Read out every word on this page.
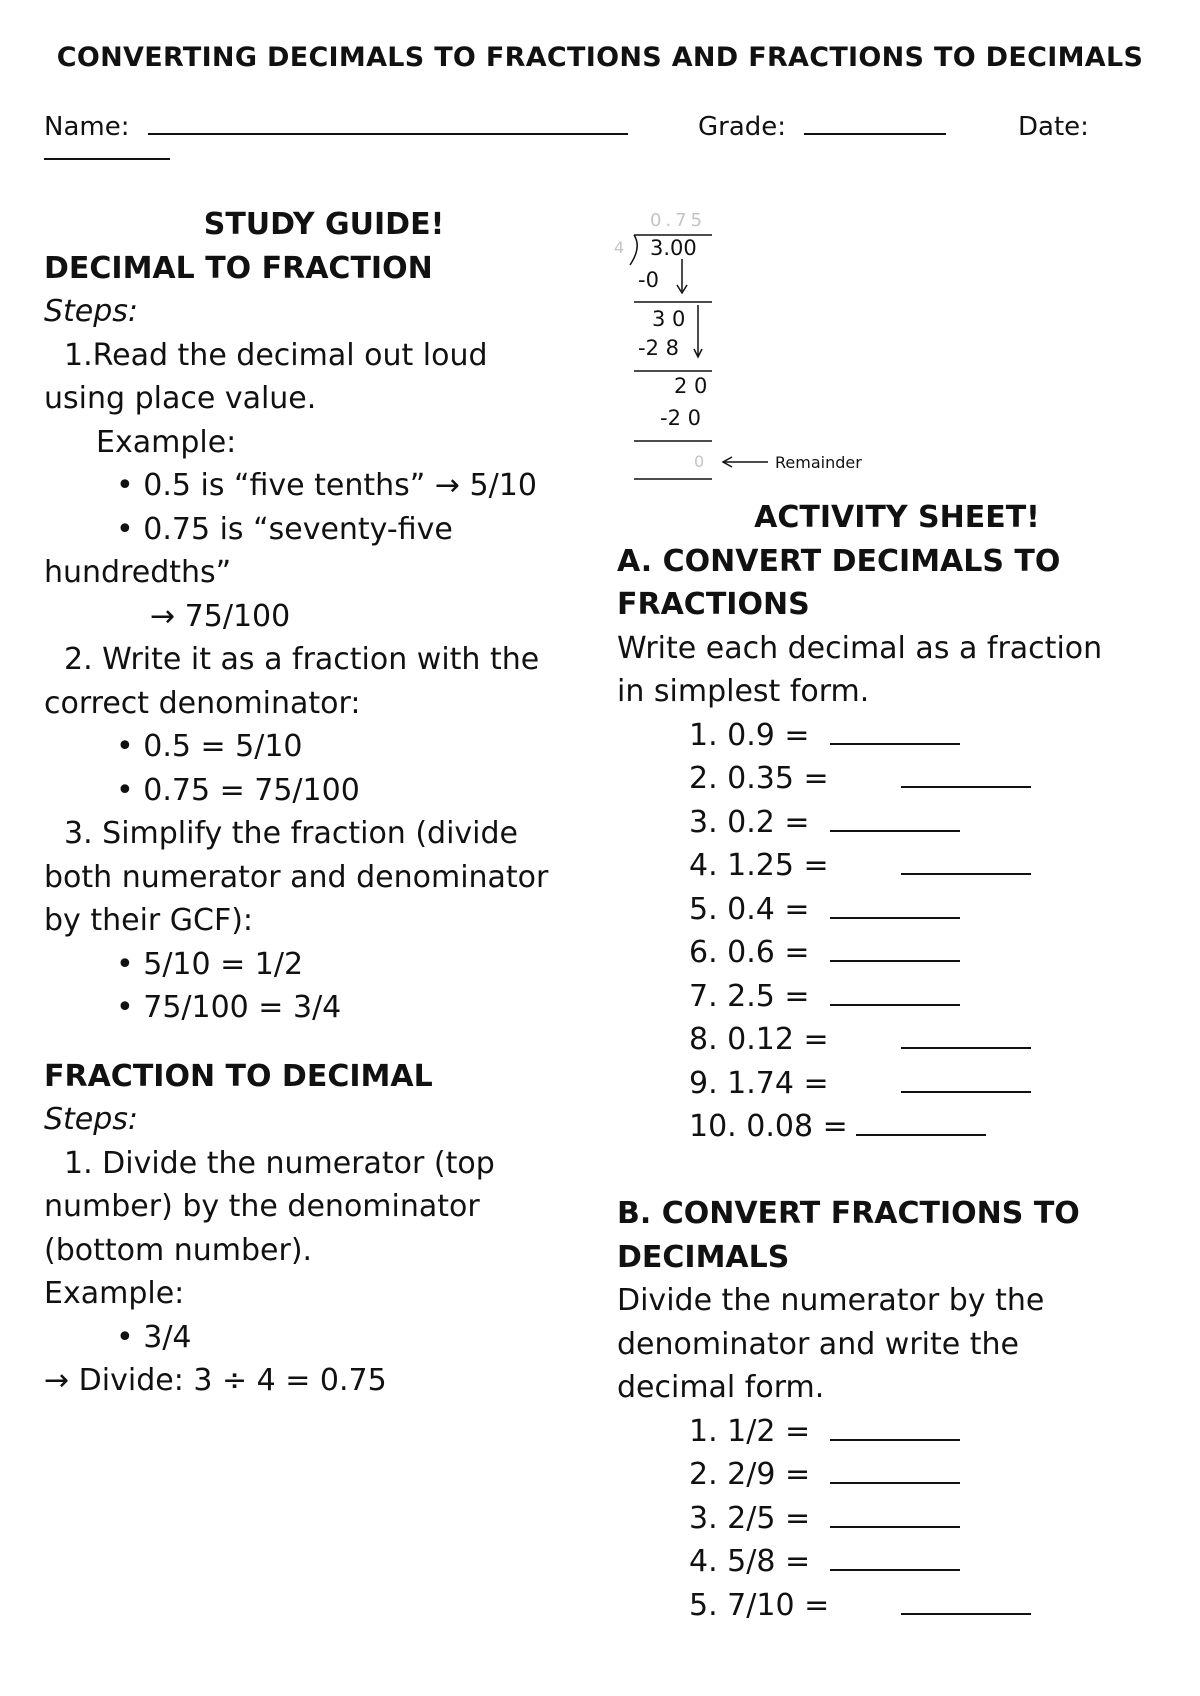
CONVERTING DECIMALS TO FRACTIONS AND FRACTIONS TO DECIMALS
Name:	Grade:	Date:
STUDY GUIDE!
DECIMAL TO FRACTION
Steps:
1.Read the decimal out loud
using place value.
Example:
• 0.5 is “five tenths” → 5/10
• 0.75 is “seventy-five
hundredths”
→ 75/100
2. Write it as a fraction with the
correct denominator:
• 0.5 = 5/10
• 0.75 = 75/100
3. Simplify the fraction (divide
both numerator and denominator
by their GCF):
• 5/10 = 1/2
• 75/100 = 3/4
FRACTION TO DECIMAL
Steps:
1. Divide the numerator (top
number) by the denominator
(bottom number).
Example:
• 3/4
→ Divide: 3 ÷ 4 = 0.75
0.75
4 3.00
-0
3 0
-2 8
2 0
-2 0
0	Remainder
ACTIVITY SHEET!
A. CONVERT DECIMALS TO
FRACTIONS
Write each decimal as a fraction
in simplest form.
1. 0.9 =
2. 0.35 =
3. 0.2 =
4. 1.25 =
5. 0.4 =
6. 0.6 =
7. 2.5 =
8. 0.12 =
9. 1.74 =
10. 0.08 =
B. CONVERT FRACTIONS TO
DECIMALS
Divide the numerator by the
denominator and write the
decimal form.
1. 1/2 =
2. 2/9 =
3. 2/5 =
4. 5/8 =
5. 7/10 =
